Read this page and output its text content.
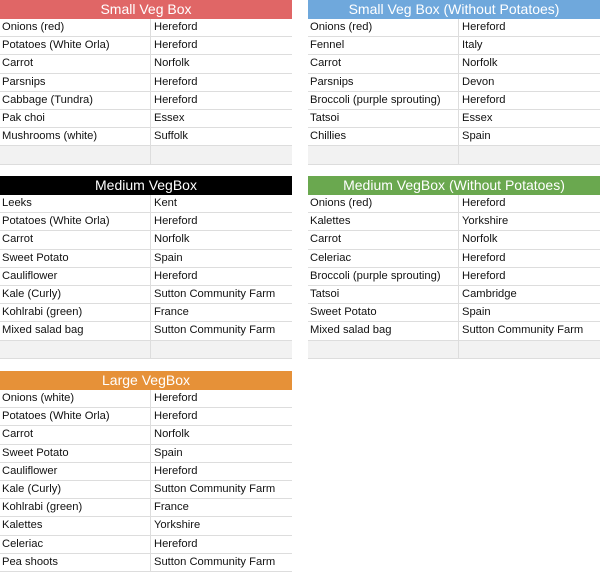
Small Veg Box
Onions (red)	Hereford
Potatoes (White Orla)	Hereford
Carrot	Norfolk
Parsnips	Hereford
Cabbage (Tundra)	Hereford
Pak choi	Essex
Mushrooms (white)	Suffolk
Small Veg Box (Without Potatoes)
Onions (red)	Hereford
Fennel	Italy
Carrot	Norfolk
Parsnips	Devon
Broccoli (purple sprouting)	Hereford
Tatsoi	Essex
Chillies	Spain
Medium VegBox
Leeks	Kent
Potatoes (White Orla)	Hereford
Carrot	Norfolk
Sweet Potato	Spain
Cauliflower	Hereford
Kale (Curly)	Sutton Community Farm
Kohlrabi (green)	France
Mixed salad bag	Sutton Community Farm
Medium VegBox (Without Potatoes)
Onions (red)	Hereford
Kalettes	Yorkshire
Carrot	Norfolk
Celeriac	Hereford
Broccoli (purple sprouting)	Hereford
Tatsoi	Cambridge
Sweet Potato	Spain
Mixed salad bag	Sutton Community Farm
Large VegBox
Onions (white)	Hereford
Potatoes (White Orla)	Hereford
Carrot	Norfolk
Sweet Potato	Spain
Cauliflower	Hereford
Kale (Curly)	Sutton Community Farm
Kohlrabi (green)	France
Kalettes	Yorkshire
Celeriac	Hereford
Pea shoots	Sutton Community Farm
